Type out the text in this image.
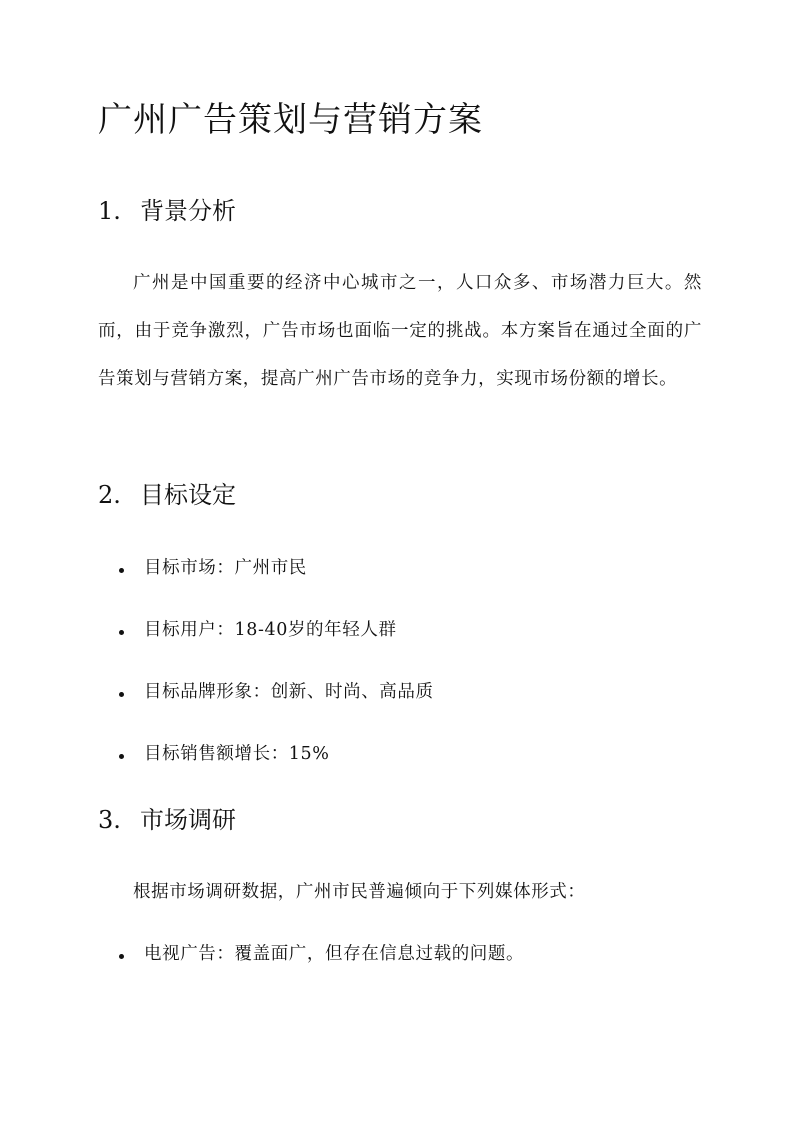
广州广告策划与营销方案
1. 背景分析

广州是中国重要的经济中心城市之一，人口众多、市场潜力巨大。然而，由于竞争激烈，广告市场也面临一定的挑战。本方案旨在通过全面的广告策划与营销方案，提高广州广告市场的竞争力，实现市场份额的增长。

2. 目标设定
目标市场：广州市民
目标用户：18-40岁的年轻人群
目标品牌形象：创新、时尚、高品质
目标销售额增长：15%
3. 市场调研

根据市场调研数据，广州市民普遍倾向于下列媒体形式：

电视广告：覆盖面广，但存在信息过载的问题。
